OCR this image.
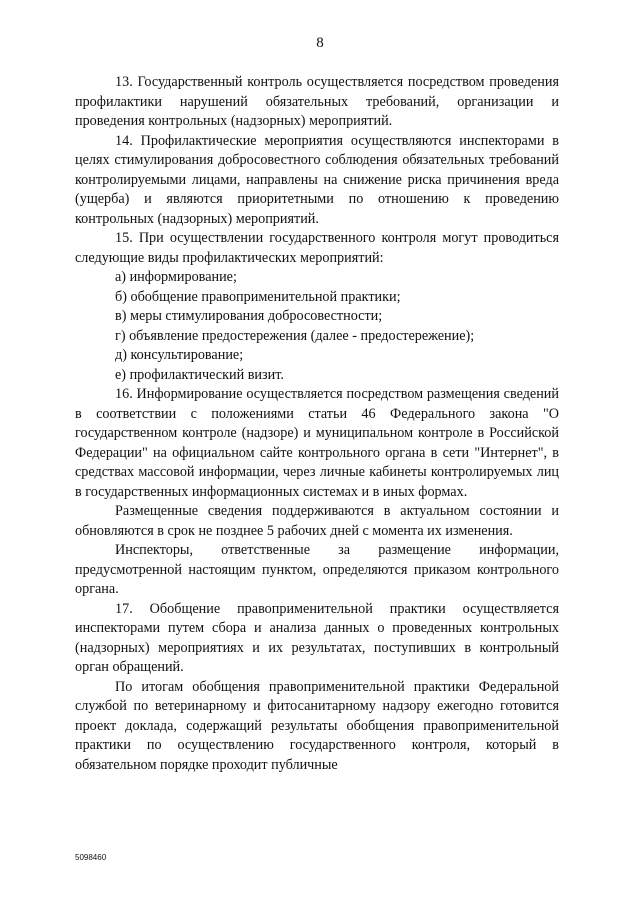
8

13. Государственный контроль осуществляется посредством проведения профилактики нарушений обязательных требований, организации и проведения контрольных (надзорных) мероприятий.

14. Профилактические мероприятия осуществляются инспекторами в целях стимулирования добросовестного соблюдения обязательных требований контролируемыми лицами, направлены на снижение риска причинения вреда (ущерба) и являются приоритетными по отношению к проведению контрольных (надзорных) мероприятий.

15. При осуществлении государственного контроля могут проводиться следующие виды профилактических мероприятий:

а) информирование;

б) обобщение правоприменительной практики;

в) меры стимулирования добросовестности;

г) объявление предостережения (далее - предостережение);

д) консультирование;

е) профилактический визит.

16. Информирование осуществляется посредством размещения сведений в соответствии с положениями статьи 46 Федерального закона "О государственном контроле (надзоре) и муниципальном контроле в Российской Федерации" на официальном сайте контрольного органа в сети "Интернет", в средствах массовой информации, через личные кабинеты контролируемых лиц в государственных информационных системах и в иных формах.

Размещенные сведения поддерживаются в актуальном состоянии и обновляются в срок не позднее 5 рабочих дней с момента их изменения.

Инспекторы, ответственные за размещение информации, предусмотренной настоящим пунктом, определяются приказом контрольного органа.

17. Обобщение правоприменительной практики осуществляется инспекторами путем сбора и анализа данных о проведенных контрольных (надзорных) мероприятиях и их результатах, поступивших в контрольный орган обращений.

По итогам обобщения правоприменительной практики Федеральной службой по ветеринарному и фитосанитарному надзору ежегодно готовится проект доклада, содержащий результаты обобщения правоприменительной практики по осуществлению государственного контроля, который в обязательном порядке проходит публичные

5098460
